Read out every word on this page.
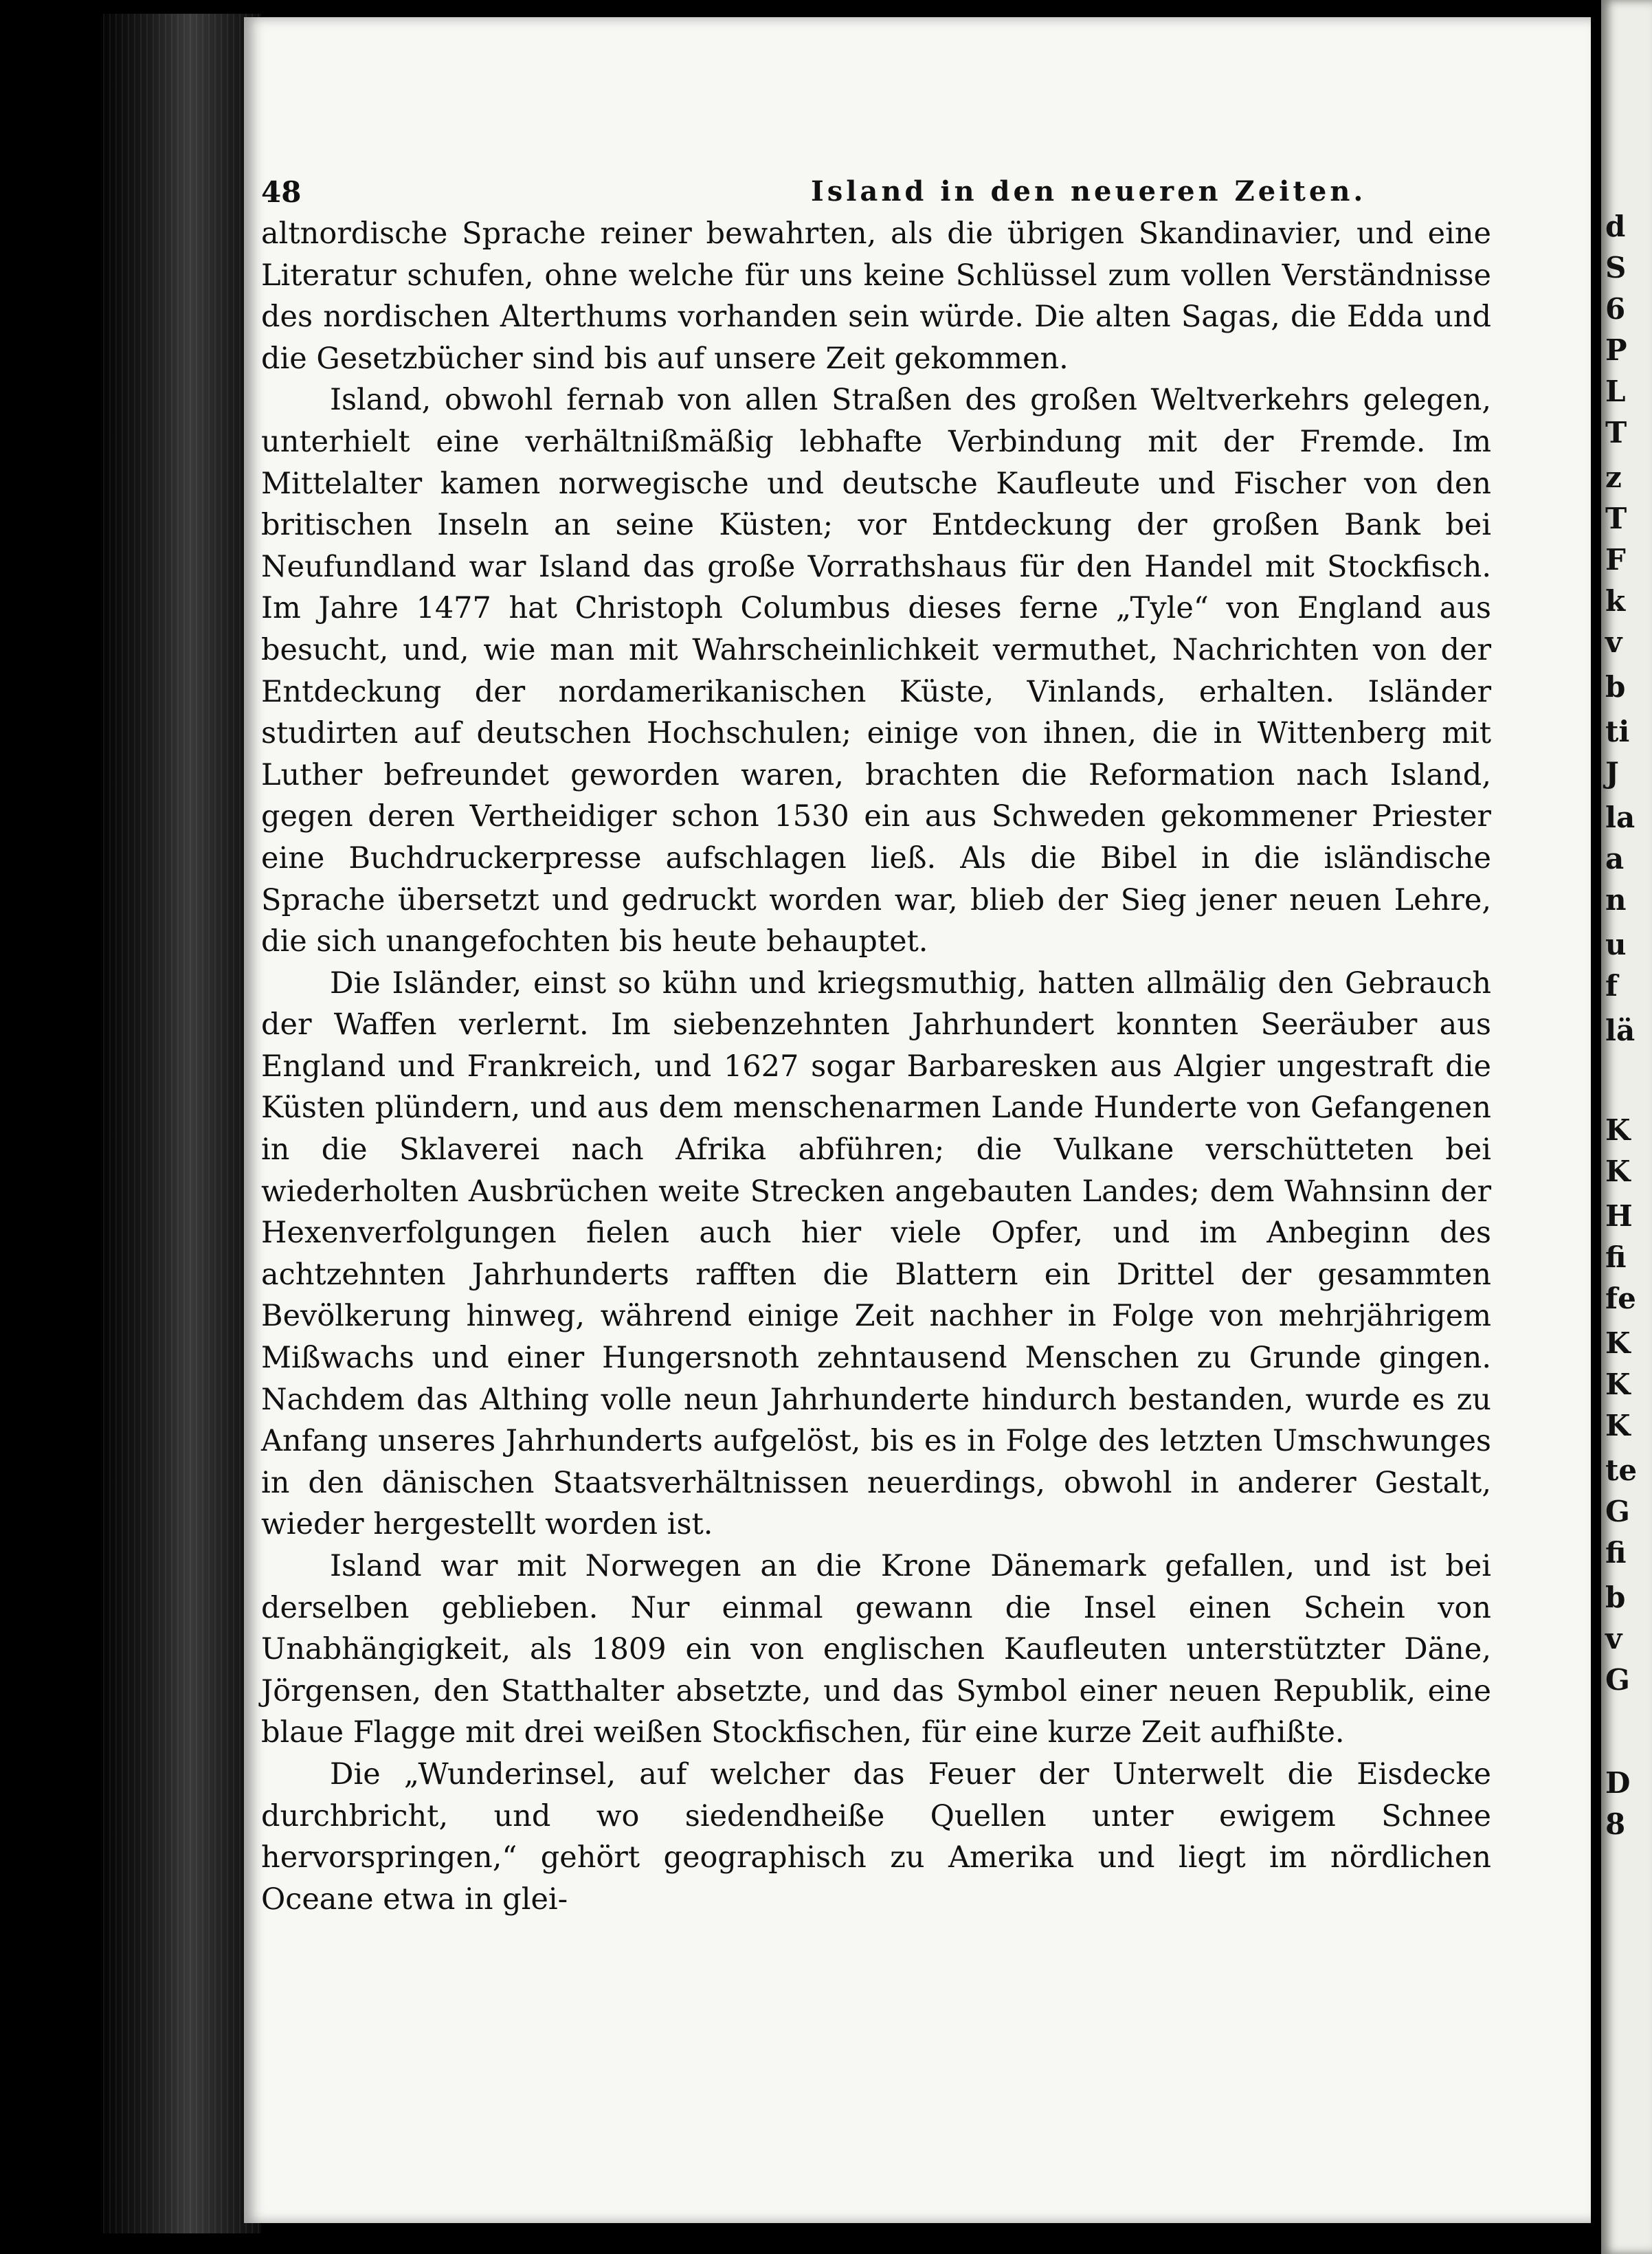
48	Island in den neueren Zeiten.

altnordische Sprache reiner bewahrten, als die übrigen Skandinavier, und eine Literatur schufen, ohne welche für uns keine Schlüssel zum vollen Verständnisse des nordischen Alterthums vorhanden sein würde. Die alten Sagas, die Edda und die Gesetzbücher sind bis auf unsere Zeit gekommen.

Island, obwohl fernab von allen Straßen des großen Weltverkehrs gelegen, unterhielt eine verhältnißmäßig lebhafte Verbindung mit der Fremde. Im Mittelalter kamen norwegische und deutsche Kaufleute und Fischer von den britischen Inseln an seine Küsten; vor Entdeckung der großen Bank bei Neufundland war Island das große Vorrathshaus für den Handel mit Stockfisch. Im Jahre 1477 hat Christoph Columbus dieses ferne „Tyle“ von England aus besucht, und, wie man mit Wahrscheinlichkeit vermuthet, Nachrichten von der Entdeckung der nordamerikanischen Küste, Vinlands, erhalten. Isländer studirten auf deutschen Hochschulen; einige von ihnen, die in Wittenberg mit Luther befreundet geworden waren, brachten die Reformation nach Island, gegen deren Vertheidiger schon 1530 ein aus Schweden gekommener Priester eine Buchdruckerpresse aufschlagen ließ. Als die Bibel in die isländische Sprache übersetzt und gedruckt worden war, blieb der Sieg jener neuen Lehre, die sich unangefochten bis heute behauptet.

Die Isländer, einst so kühn und kriegsmuthig, hatten allmälig den Gebrauch der Waffen verlernt. Im siebenzehnten Jahrhundert konnten Seeräuber aus England und Frankreich, und 1627 sogar Barbaresken aus Algier ungestraft die Küsten plündern, und aus dem menschenarmen Lande Hunderte von Gefangenen in die Sklaverei nach Afrika abführen; die Vulkane verschütteten bei wiederholten Ausbrüchen weite Strecken angebauten Landes; dem Wahnsinn der Hexenverfolgungen fielen auch hier viele Opfer, und im Anbeginn des achtzehnten Jahrhunderts rafften die Blattern ein Drittel der gesammten Bevölkerung hinweg, während einige Zeit nachher in Folge von mehrjährigem Mißwachs und einer Hungersnoth zehntausend Menschen zu Grunde gingen. Nachdem das Althing volle neun Jahrhunderte hindurch bestanden, wurde es zu Anfang unseres Jahrhunderts aufgelöst, bis es in Folge des letzten Umschwunges in den dänischen Staatsverhältnissen neuerdings, obwohl in anderer Gestalt, wieder hergestellt worden ist.

Island war mit Norwegen an die Krone Dänemark gefallen, und ist bei derselben geblieben. Nur einmal gewann die Insel einen Schein von Unabhängigkeit, als 1809 ein von englischen Kaufleuten unterstützter Däne, Jörgensen, den Statthalter absetzte, und das Symbol einer neuen Republik, eine blaue Flagge mit drei weißen Stockfischen, für eine kurze Zeit aufhißte.

Die „Wunderinsel, auf welcher das Feuer der Unterwelt die Eisdecke durchbricht, und wo siedendheiße Quellen unter ewigem Schnee hervorspringen,“ gehört geographisch zu Amerika und liegt im nördlichen Oceane etwa in glei-

d
S
6
P
L
T
z
T
F
k
v
b
ti
J
la
a
n
u
f
lä
K
K
H
fi
fe
K
K
K
te
G
fi
b
v
G
D
8
